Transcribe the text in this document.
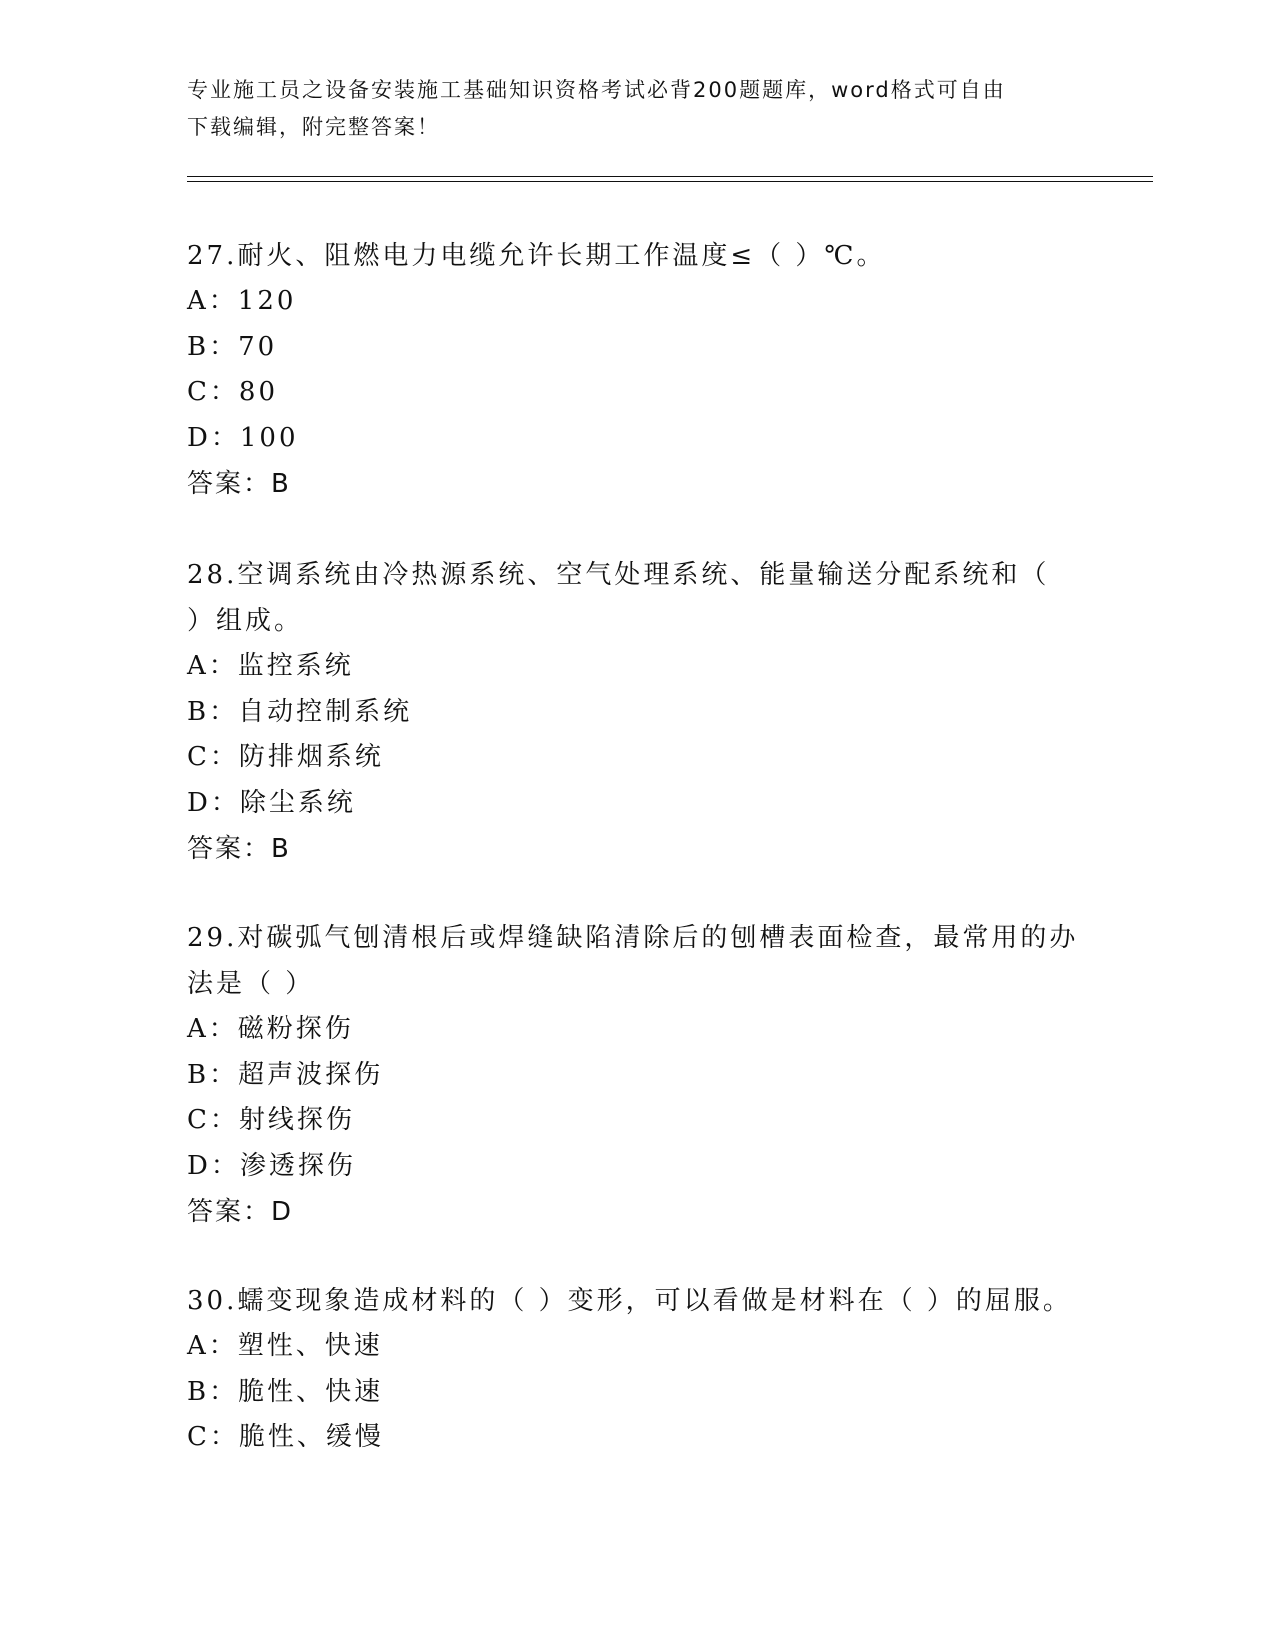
专业施工员之设备安装施工基础知识资格考试必背200题题库，word格式可自由
下载编辑，附完整答案！
27.耐火、阻燃电力电缆允许长期工作温度≤（ ）℃。
A：120
B：70
C：80
D：100
答案：B
28.空调系统由冷热源系统、空气处理系统、能量输送分配系统和（
）组成。
A：监控系统
B：自动控制系统
C：防排烟系统
D：除尘系统
答案：B
29.对碳弧气刨清根后或焊缝缺陷清除后的刨槽表面检查，最常用的办
法是（ ）
A：磁粉探伤
B：超声波探伤
C：射线探伤
D：渗透探伤
答案：D
30.蠕变现象造成材料的（ ）变形，可以看做是材料在（ ）的屈服。
A：塑性、快速
B：脆性、快速
C：脆性、缓慢
